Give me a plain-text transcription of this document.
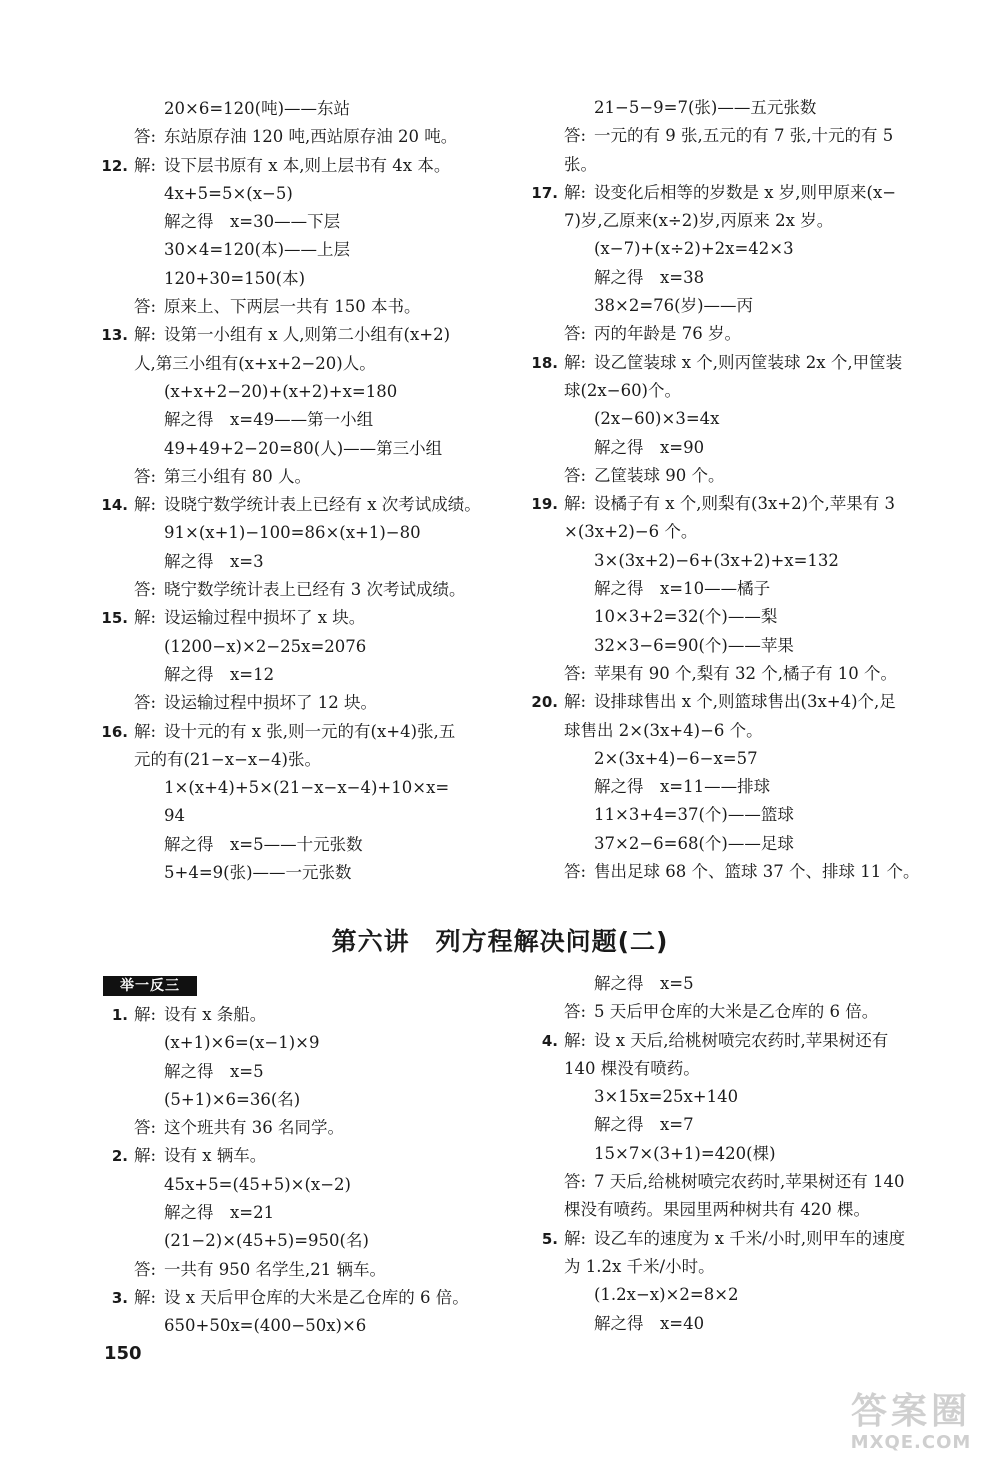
20×6=120(吨)——东站
答: 东站原存油 120 吨,西站原存油 20 吨。
12. 解: 设下层书原有 x 本,则上层书有 4x 本。
4x+5=5×(x−5)
解之得　x=30——下层
30×4=120(本)——上层
120+30=150(本)
答: 原来上、下两层一共有 150 本书。
13. 解: 设第一小组有 x 人,则第二小组有(x+2)
人,第三小组有(x+x+2−20)人。
(x+x+2−20)+(x+2)+x=180
解之得　x=49——第一小组
49+49+2−20=80(人)——第三小组
答: 第三小组有 80 人。
14. 解: 设晓宁数学统计表上已经有 x 次考试成绩。
91×(x+1)−100=86×(x+1)−80
解之得　x=3
答: 晓宁数学统计表上已经有 3 次考试成绩。
15. 解: 设运输过程中损坏了 x 块。
(1200−x)×2−25x=2076
解之得　x=12
答: 设运输过程中损坏了 12 块。
16. 解: 设十元的有 x 张,则一元的有(x+4)张,五
元的有(21−x−x−4)张。
1×(x+4)+5×(21−x−x−4)+10×x=
94
解之得　x=5——十元张数
5+4=9(张)——一元张数
21−5−9=7(张)——五元张数
答: 一元的有 9 张,五元的有 7 张,十元的有 5
张。
17. 解: 设变化后相等的岁数是 x 岁,则甲原来(x−
7)岁,乙原来(x÷2)岁,丙原来 2x 岁。
(x−7)+(x÷2)+2x=42×3
解之得　x=38
38×2=76(岁)——丙
答: 丙的年龄是 76 岁。
18. 解: 设乙筐装球 x 个,则丙筐装球 2x 个,甲筐装
球(2x−60)个。
(2x−60)×3=4x
解之得　x=90
答: 乙筐装球 90 个。
19. 解: 设橘子有 x 个,则梨有(3x+2)个,苹果有 3
×(3x+2)−6 个。
3×(3x+2)−6+(3x+2)+x=132
解之得　x=10——橘子
10×3+2=32(个)——梨
32×3−6=90(个)——苹果
答: 苹果有 90 个,梨有 32 个,橘子有 10 个。
20. 解: 设排球售出 x 个,则篮球售出(3x+4)个,足
球售出 2×(3x+4)−6 个。
2×(3x+4)−6−x=57
解之得　x=11——排球
11×3+4=37(个)——篮球
37×2−6=68(个)——足球
答: 售出足球 68 个、篮球 37 个、排球 11 个。
第六讲　列方程解决问题(二)
举一反三
1. 解: 设有 x 条船。
(x+1)×6=(x−1)×9
解之得　x=5
(5+1)×6=36(名)
答: 这个班共有 36 名同学。
2. 解: 设有 x 辆车。
45x+5=(45+5)×(x−2)
解之得　x=21
(21−2)×(45+5)=950(名)
答: 一共有 950 名学生,21 辆车。
3. 解: 设 x 天后甲仓库的大米是乙仓库的 6 倍。
650+50x=(400−50x)×6
解之得　x=5
答: 5 天后甲仓库的大米是乙仓库的 6 倍。
4. 解: 设 x 天后,给桃树喷完农药时,苹果树还有
140 棵没有喷药。
3×15x=25x+140
解之得　x=7
15×7×(3+1)=420(棵)
答: 7 天后,给桃树喷完农药时,苹果树还有 140
棵没有喷药。果园里两种树共有 420 棵。
5. 解: 设乙车的速度为 x 千米/小时,则甲车的速度
为 1.2x 千米/小时。
(1.2x−x)×2=8×2
解之得　x=40
150
答案圈
MXQE.COM
